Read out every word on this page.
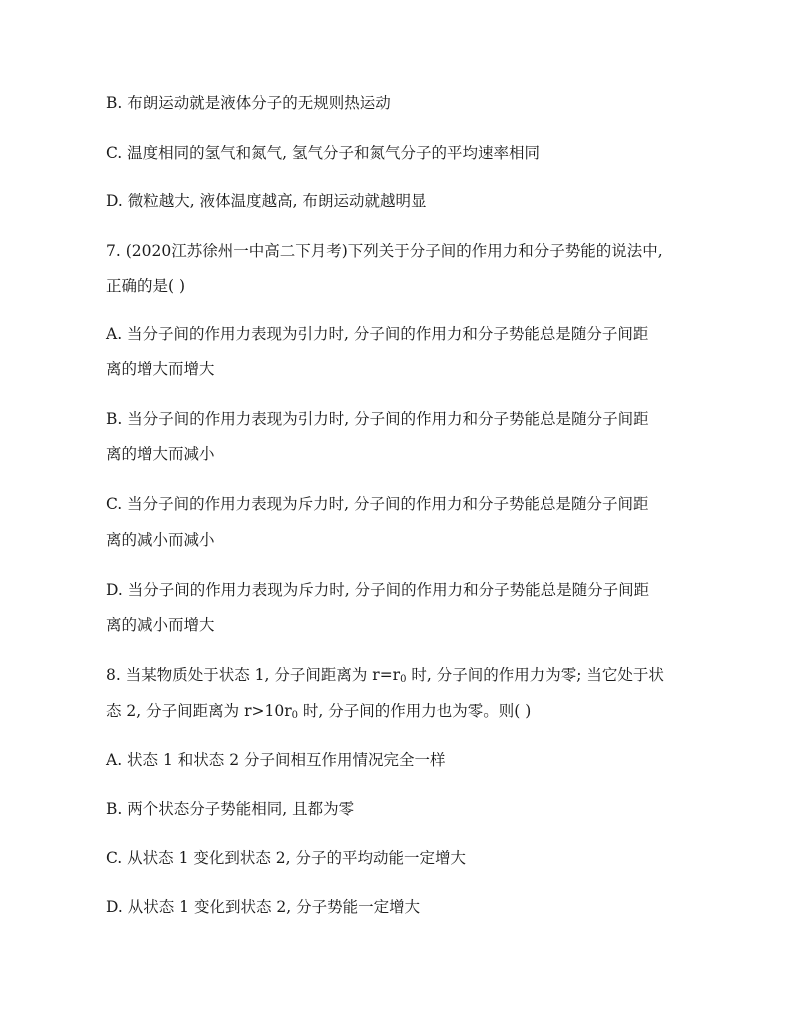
B. 布朗运动就是液体分子的无规则热运动
C. 温度相同的氢气和氮气, 氢气分子和氮气分子的平均速率相同
D. 微粒越大, 液体温度越高, 布朗运动就越明显
7. (2020江苏徐州一中高二下月考)下列关于分子间的作用力和分子势能的说法中,
正确的是( )
A. 当分子间的作用力表现为引力时, 分子间的作用力和分子势能总是随分子间距
离的增大而增大
B. 当分子间的作用力表现为引力时, 分子间的作用力和分子势能总是随分子间距
离的增大而减小
C. 当分子间的作用力表现为斥力时, 分子间的作用力和分子势能总是随分子间距
离的减小而减小
D. 当分子间的作用力表现为斥力时, 分子间的作用力和分子势能总是随分子间距
离的减小而增大
8. 当某物质处于状态 1, 分子间距离为 $r=r_0$ 时, 分子间的作用力为零; 当它处于状
态 2, 分子间距离为 $r>10r_0$ 时, 分子间的作用力也为零。则( )
A. 状态 1 和状态 2 分子间相互作用情况完全一样
B. 两个状态分子势能相同, 且都为零
C. 从状态 1 变化到状态 2, 分子的平均动能一定增大
D. 从状态 1 变化到状态 2, 分子势能一定增大
